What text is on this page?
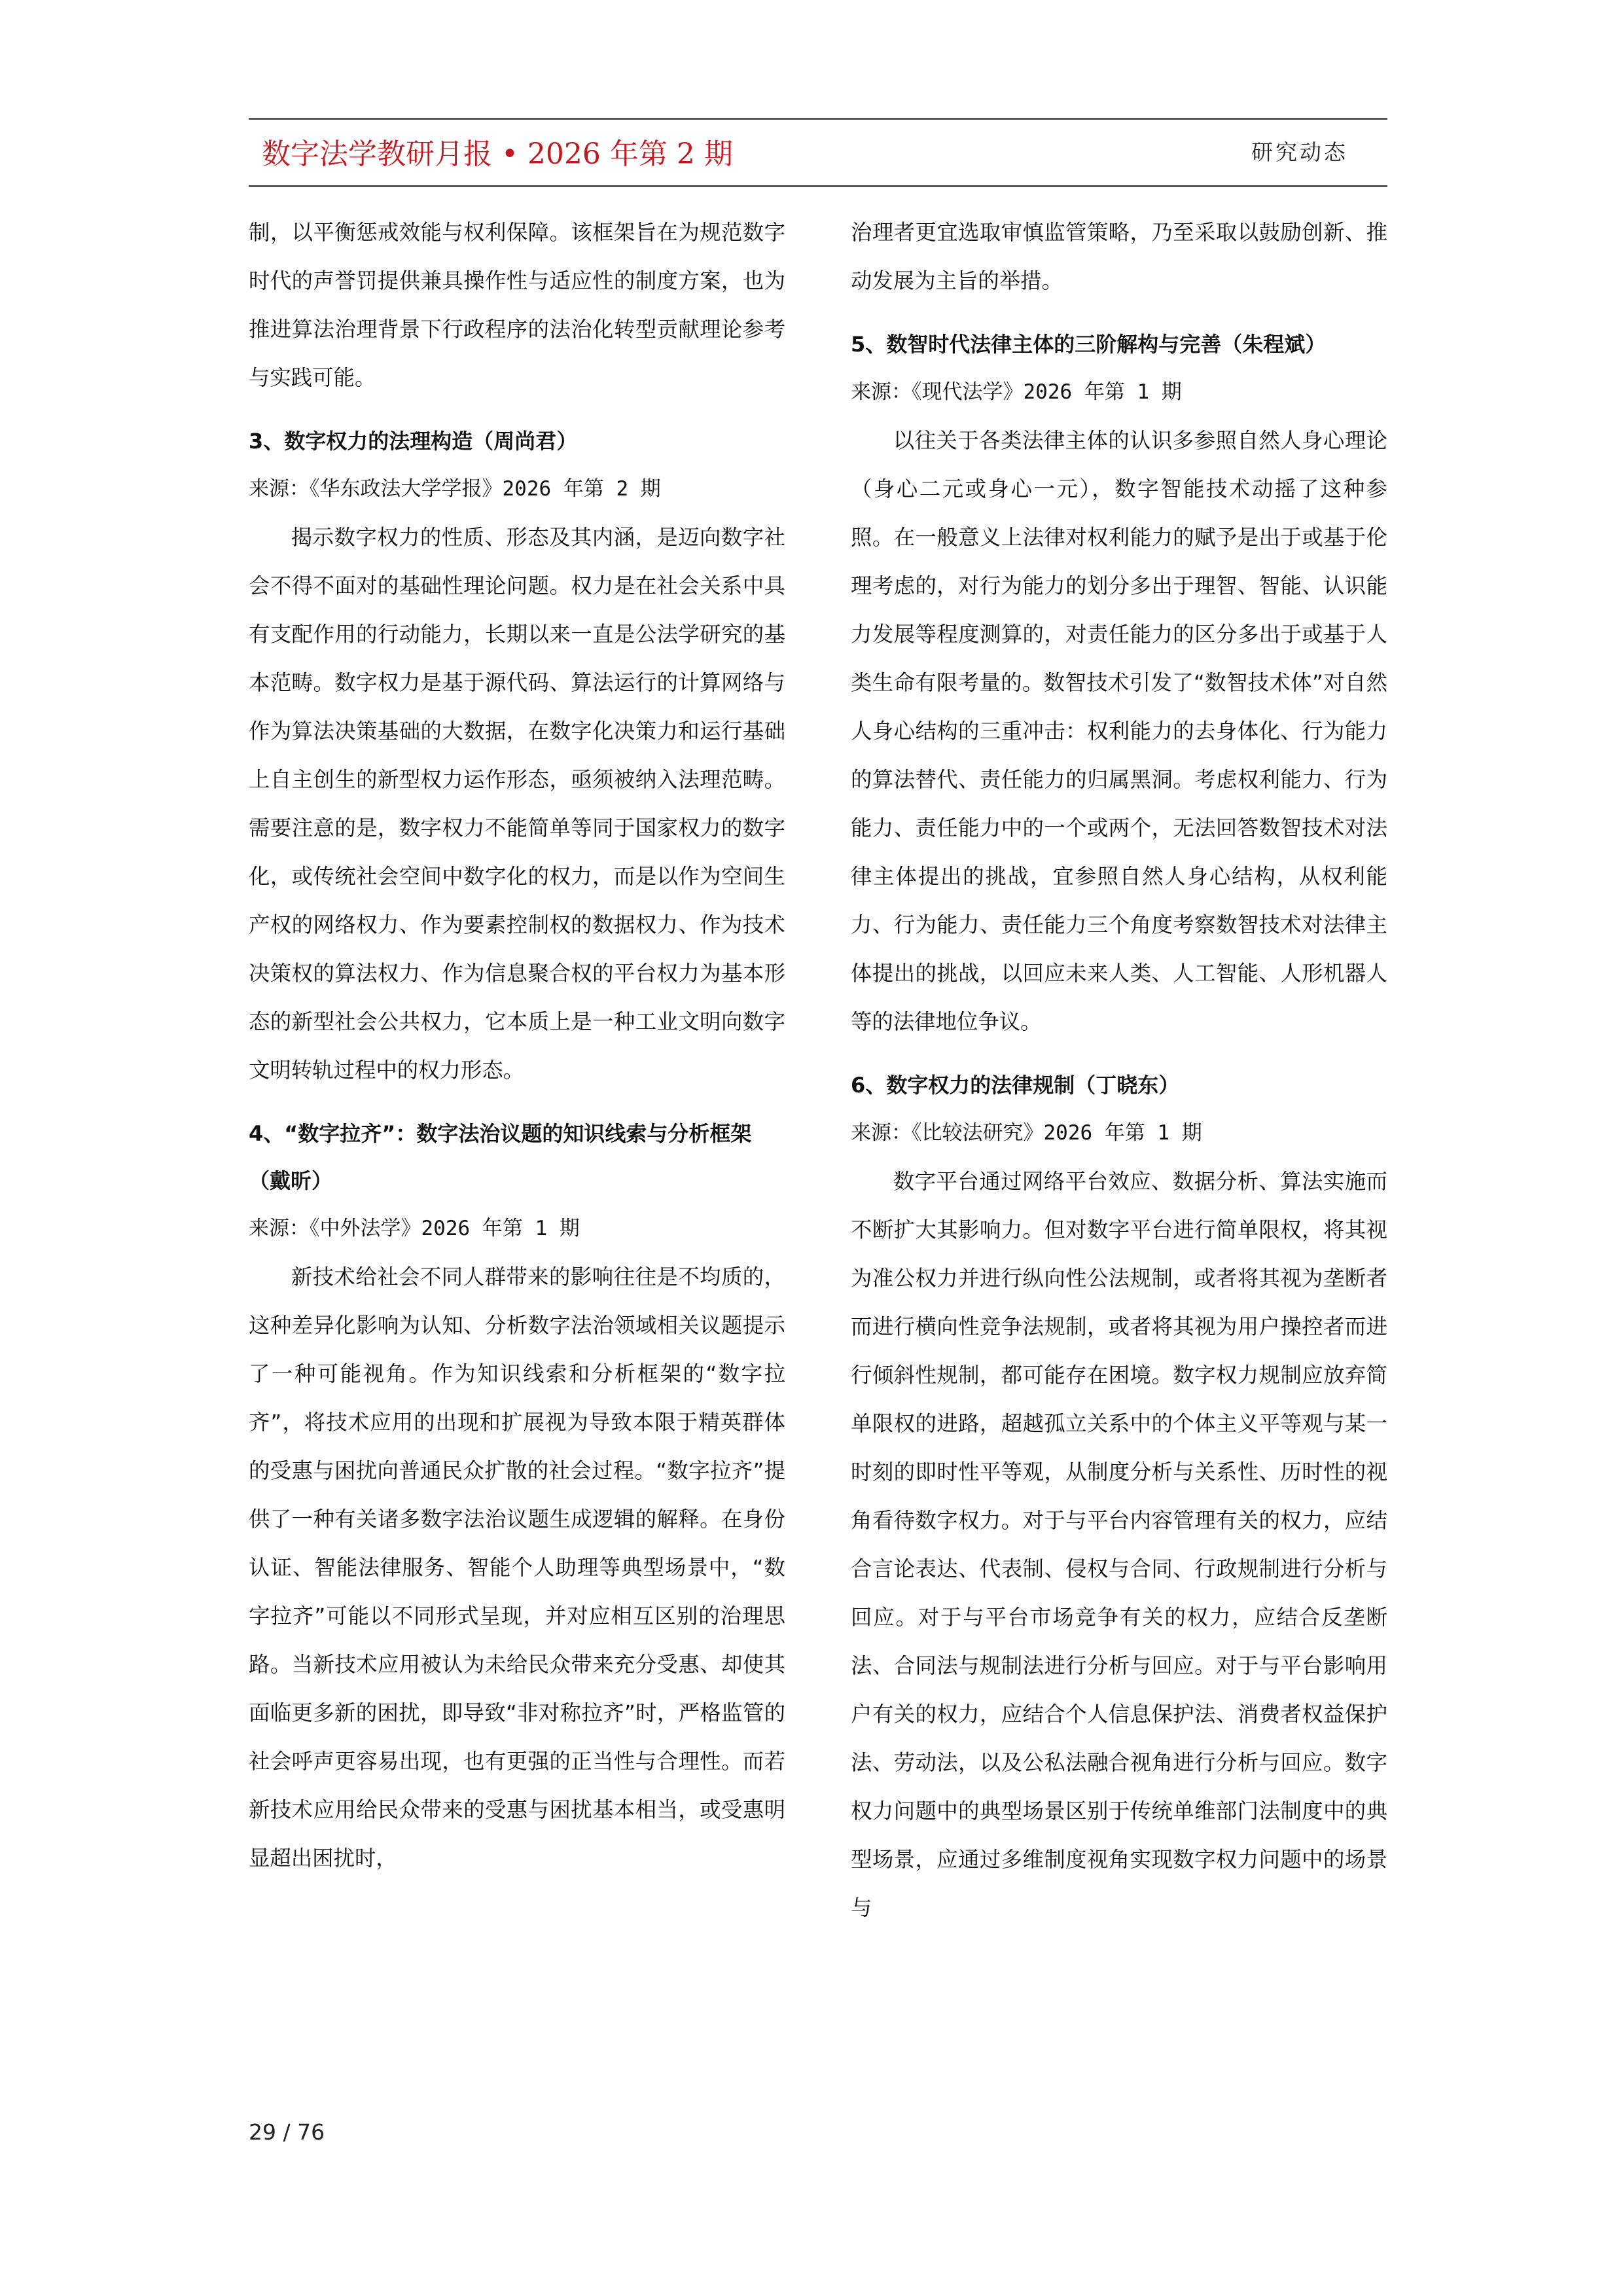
数字法学教研月报 • 2026 年第 2 期	研究动态

制，以平衡惩戒效能与权利保障。该框架旨在为规范数字时代的声誉罚提供兼具操作性与适应性的制度方案，也为推进算法治理背景下行政程序的法治化转型贡献理论参考与实践可能。

3、数字权力的法理构造（周尚君）

来源：《华东政法大学学报》2026 年第 2 期

揭示数字权力的性质、形态及其内涵，是迈向数字社会不得不面对的基础性理论问题。权力是在社会关系中具有支配作用的行动能力，长期以来一直是公法学研究的基本范畴。数字权力是基于源代码、算法运行的计算网络与作为算法决策基础的大数据，在数字化决策力和运行基础上自主创生的新型权力运作形态，亟须被纳入法理范畴。需要注意的是，数字权力不能简单等同于国家权力的数字化，或传统社会空间中数字化的权力，而是以作为空间生产权的网络权力、作为要素控制权的数据权力、作为技术决策权的算法权力、作为信息聚合权的平台权力为基本形态的新型社会公共权力，它本质上是一种工业文明向数字文明转轨过程中的权力形态。

4、“数字拉齐”：数字法治议题的知识线索与分析框架（戴昕）

来源：《中外法学》2026 年第 1 期

新技术给社会不同人群带来的影响往往是不均质的，这种差异化影响为认知、分析数字法治领域相关议题提示了一种可能视角。作为知识线索和分析框架的“数字拉齐”，将技术应用的出现和扩展视为导致本限于精英群体的受惠与困扰向普通民众扩散的社会过程。“数字拉齐”提供了一种有关诸多数字法治议题生成逻辑的解释。在身份认证、智能法律服务、智能个人助理等典型场景中，“数字拉齐”可能以不同形式呈现，并对应相互区别的治理思路。当新技术应用被认为未给民众带来充分受惠、却使其面临更多新的困扰，即导致“非对称拉齐”时，严格监管的社会呼声更容易出现，也有更强的正当性与合理性。而若新技术应用给民众带来的受惠与困扰基本相当，或受惠明显超出困扰时，

治理者更宜选取审慎监管策略，乃至采取以鼓励创新、推动发展为主旨的举措。

5、数智时代法律主体的三阶解构与完善（朱程斌）

来源：《现代法学》2026 年第 1 期

以往关于各类法律主体的认识多参照自然人身心理论（身心二元或身心一元），数字智能技术动摇了这种参照。在一般意义上法律对权利能力的赋予是出于或基于伦理考虑的，对行为能力的划分多出于理智、智能、认识能力发展等程度测算的，对责任能力的区分多出于或基于人类生命有限考量的。数智技术引发了“数智技术体”对自然人身心结构的三重冲击：权利能力的去身体化、行为能力的算法替代、责任能力的归属黑洞。考虑权利能力、行为能力、责任能力中的一个或两个，无法回答数智技术对法律主体提出的挑战，宜参照自然人身心结构，从权利能力、行为能力、责任能力三个角度考察数智技术对法律主体提出的挑战，以回应未来人类、人工智能、人形机器人等的法律地位争议。

6、数字权力的法律规制（丁晓东）

来源：《比较法研究》2026 年第 1 期

数字平台通过网络平台效应、数据分析、算法实施而不断扩大其影响力。但对数字平台进行简单限权，将其视为准公权力并进行纵向性公法规制，或者将其视为垄断者而进行横向性竞争法规制，或者将其视为用户操控者而进行倾斜性规制，都可能存在困境。数字权力规制应放弃简单限权的进路，超越孤立关系中的个体主义平等观与某一时刻的即时性平等观，从制度分析与关系性、历时性的视角看待数字权力。对于与平台内容管理有关的权力，应结合言论表达、代表制、侵权与合同、行政规制进行分析与回应。对于与平台市场竞争有关的权力，应结合反垄断法、合同法与规制法进行分析与回应。对于与平台影响用户有关的权力，应结合个人信息保护法、消费者权益保护法、劳动法，以及公私法融合视角进行分析与回应。数字权力问题中的典型场景区别于传统单维部门法制度中的典型场景，应通过多维制度视角实现数字权力问题中的场景与

29 / 76
